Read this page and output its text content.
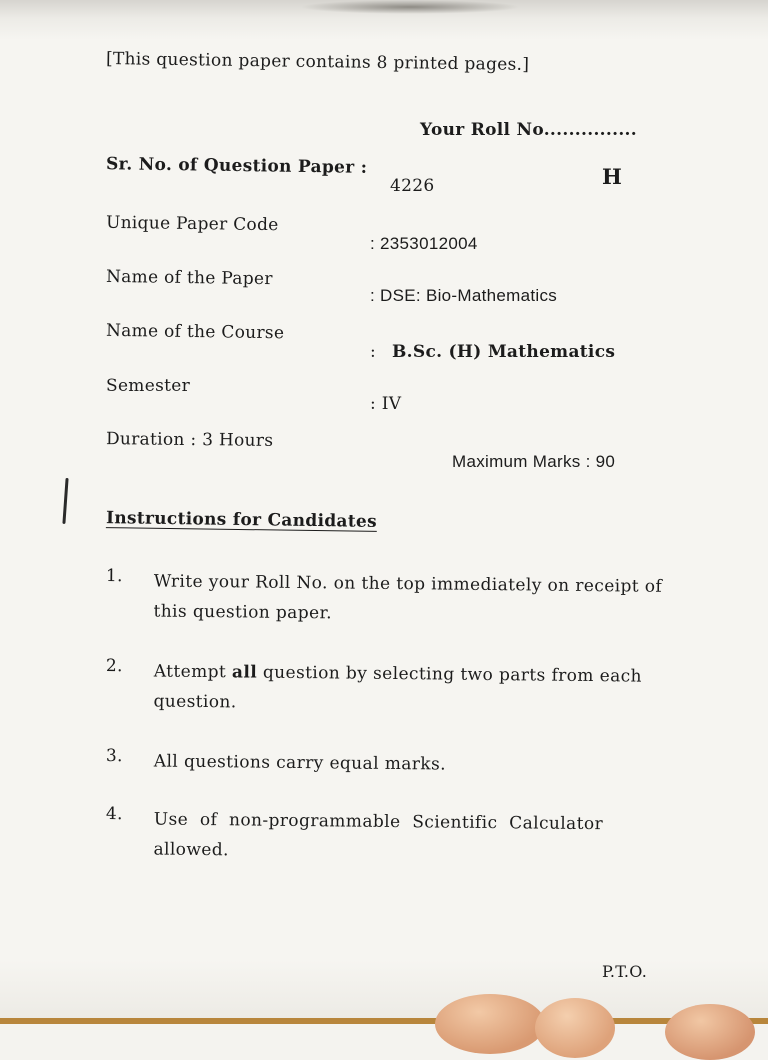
[This question paper contains 8 printed pages.]
Your Roll No...............
Sr. No. of Question Paper :
4226	H
Unique Paper Code
: 2353012004
Name of the Paper
: DSE: Bio-Mathematics
Name of the Course
: B.Sc. (H) Mathematics
Semester
: IV
Duration : 3 Hours
Maximum Marks : 90
Instructions for Candidates
1. Write your Roll No. on the top immediately on receipt of this question paper.
2. Attempt all question by selecting two parts from each question.
3. All questions carry equal marks.
4. Use of non-programmable Scientific Calculator allowed.
P.T.O.
